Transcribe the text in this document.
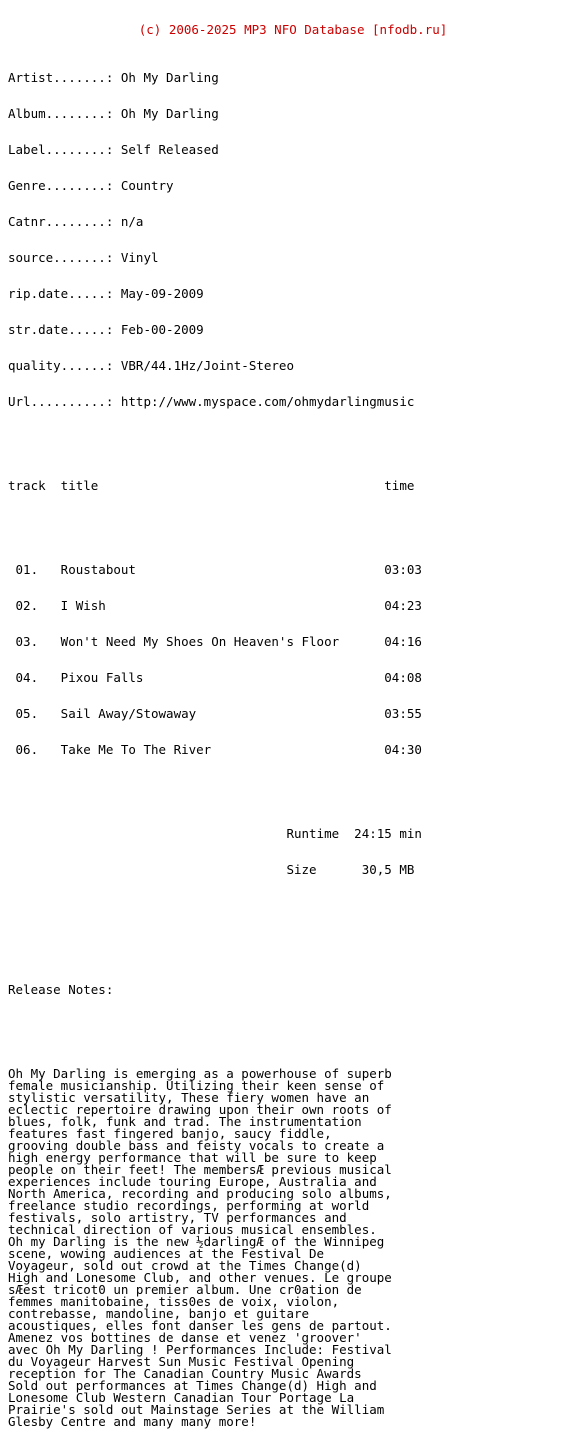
(c) 2006-2025 MP3 NFO Database [nfodb.ru]

Artist.......: Oh My Darling

Album........: Oh My Darling

Label........: Self Released

Genre........: Country

Catnr........: n/a

source.......: Vinyl

rip.date.....: May-09-2009

str.date.....: Feb-00-2009

quality......: VBR/44.1Hz/Joint-Stereo

Url..........: http://www.myspace.com/ohmydarlingmusic

track  title                                      time

01.   Roustabout                                 03:03

02.   I Wish                                     04:23

03.   Won't Need My Shoes On Heaven's Floor      04:16

04.   Pixou Falls                                04:08

05.   Sail Away/Stowaway                         03:55

06.   Take Me To The River                       04:30

Runtime  24:15 min

Size      30,5 MB

Release Notes:

Oh My Darling is emerging as a powerhouse of superb
female musicianship. Utilizing their keen sense of
stylistic versatility, These fiery women have an
eclectic repertoire drawing upon their own roots of
blues, folk, funk and trad. The instrumentation
features fast fingered banjo, saucy fiddle,
grooving double bass and feisty vocals to create a
high energy performance that will be sure to keep
people on their feet! The membersÆ previous musical
experiences include touring Europe, Australia and
North America, recording and producing solo albums,
freelance studio recordings, performing at world
festivals, solo artistry, TV performances and
technical direction of various musical ensembles.
Oh my Darling is the new ½darlingÆ of the Winnipeg
scene, wowing audiences at the Festival De
Voyageur, sold out crowd at the Times Change(d)
High and Lonesome Club, and other venues. Le groupe
sÆest tricot0 un premier album. Une cr0ation de
femmes manitobaine, tiss0es de voix, violon,
contrebasse, mandoline, banjo et guitare
acoustiques, elles font danser les gens de partout.
Amenez vos bottines de danse et venez 'groover'
avec Oh My Darling ! Performances Include: Festival
du Voyageur Harvest Sun Music Festival Opening
reception for The Canadian Country Music Awards
Sold out performances at Times Change(d) High and
Lonesome Club Western Canadian Tour Portage La
Prairie's sold out Mainstage Series at the William
Glesby Centre and many many more!
